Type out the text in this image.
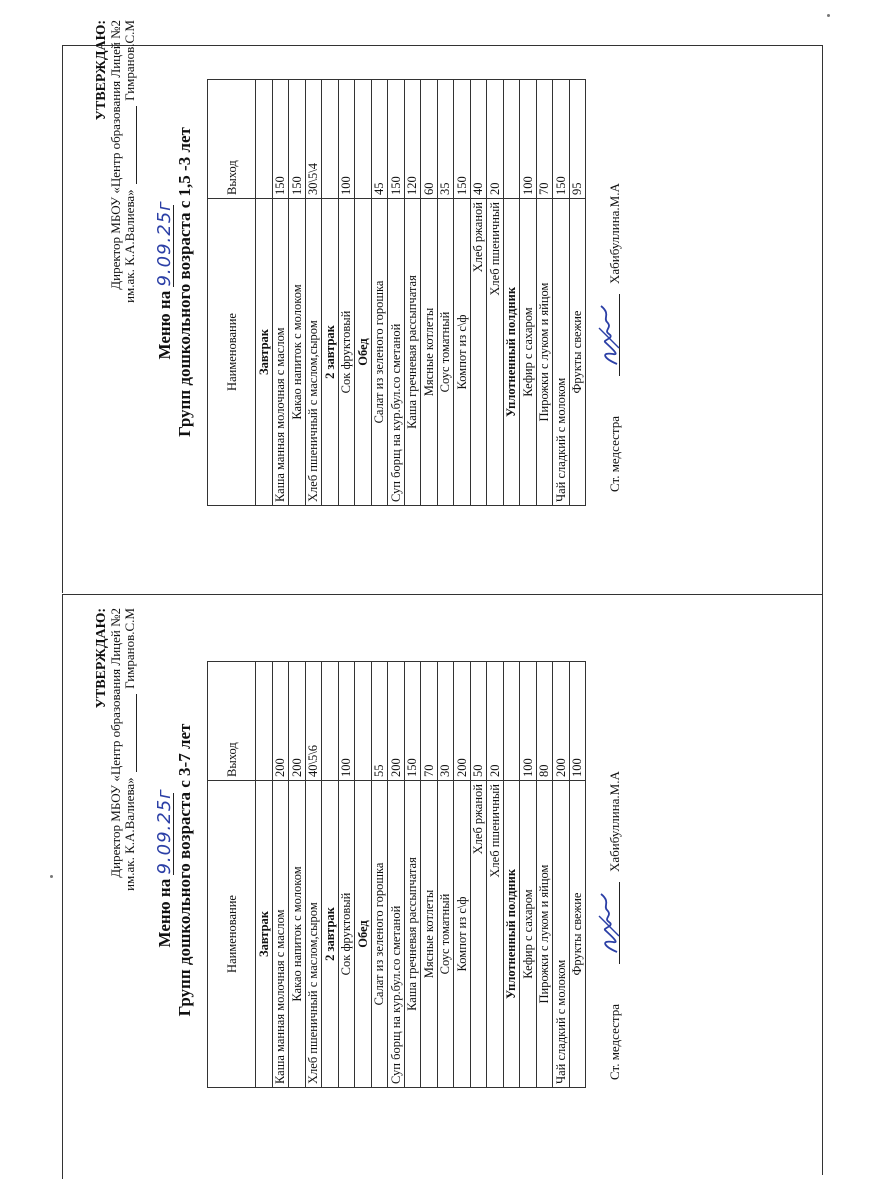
УТВЕРЖДАЮ: Директор МБОУ «Центр образования Лицей №2 им.ак. К.А.Валиева»  Гимранов.С.М
Меню на 9.09.25г Групп дошкольного возраста с 3-7 лет Наименование	Выход
Завтрак	
Каша манная молочная с маслом	200
Какао напиток с молоком	200
Хлеб пшеничный с маслом,сыром	40\5\6
2 завтрак	
Сок фруктовый	100
Обед	
Салат из зеленого горошка	55
Суп борщ на кур.бул.со сметаной	200
Каша гречневая рассыпчатая	150
Мясные котлеты	70
Соус томатный	30
Компот из с\ф	200
Хлеб ржаной	50
Хлеб пшеничный	20
Уплотненный полдник	
Кефир с сахаром	100
Пирожки с луком и яйцом	80
Чай сладкий с молоком	200
Фрукты свежие	100
Ст. медсестра
Хабибуллина.М.А
УТВЕРЖДАЮ: Директор МБОУ «Центр образования Лицей №2 им.ак. К.А.Валиева»  Гимранов.С.М
Меню на 9.09.25г Групп дошкольного возраста с 1,5 -3 лет Наименование	Выход
Завтрак	
Каша манная молочная с маслом	150
Какао напиток с молоком	150
Хлеб пшеничный с маслом,сыром	30\5\4
2 завтрак	
Сок фруктовый	100
Обед	
Салат из зеленого горошка	45
Суп борщ на кур.бул.со сметаной	150
Каша гречневая рассыпчатая	120
Мясные котлеты	60
Соус томатный	35
Компот из с\ф	150
Хлеб ржаной	40
Хлеб пшеничный	20
Уплотненный полдник	
Кефир с сахаром	100
Пирожки с луком и яйцом	70
Чай сладкий с молоком	150
Фрукты свежие	95
Ст. медсестра
Хабибуллина.М.А
